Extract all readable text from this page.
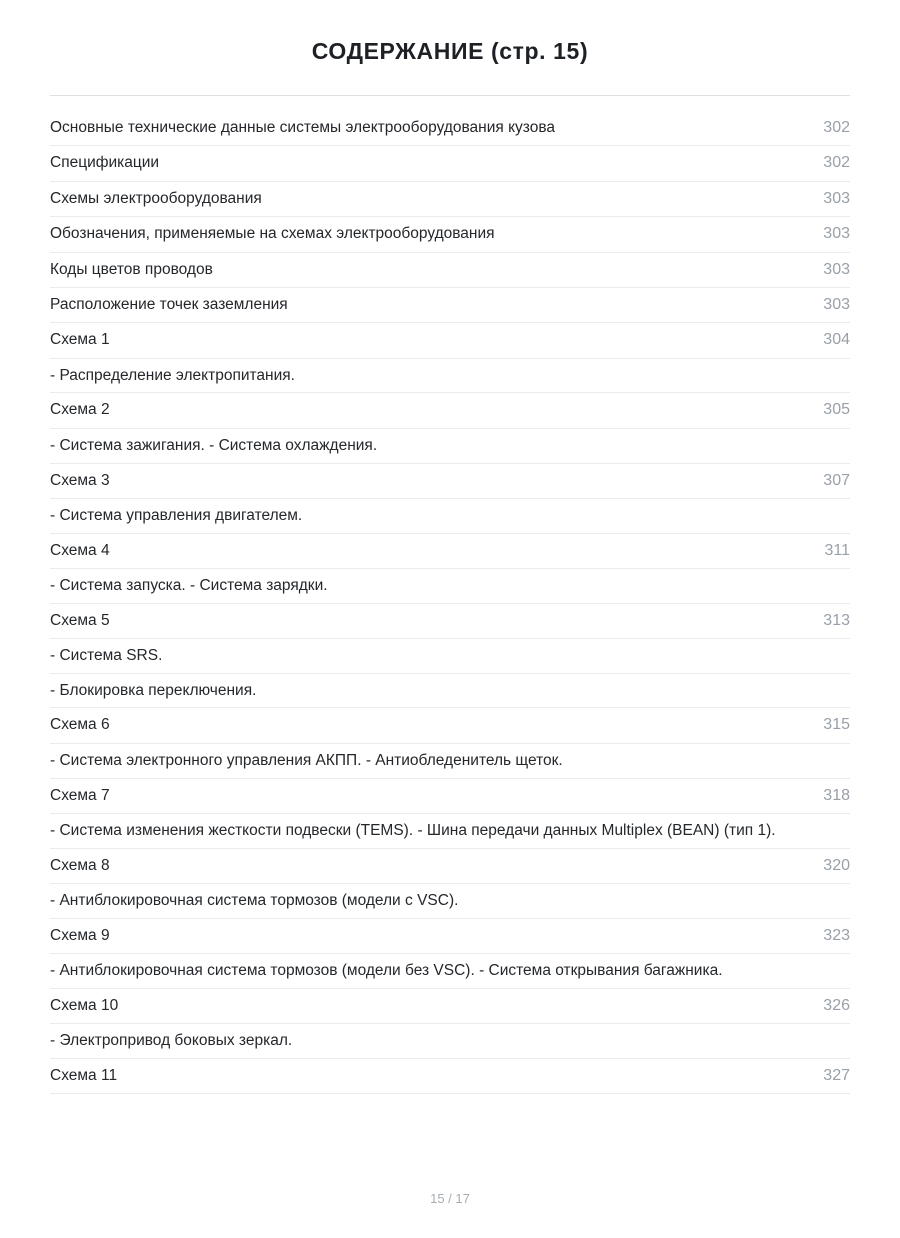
СОДЕРЖАНИЕ (стр. 15)
Основные технические данные системы электрооборудования кузова	302
Спецификации	302
Схемы электрооборудования	303
Обозначения, применяемые на схемах электрооборудования	303
Коды цветов проводов	303
Расположение точек заземления	303
Схема 1	304
- Распределение электропитания.
Схема 2	305
- Система зажигания. - Система охлаждения.
Схема 3	307
- Система управления двигателем.
Схема 4	311
- Система запуска. - Система зарядки.
Схема 5	313
- Система SRS.
- Блокировка переключения.
Схема 6	315
- Система электронного управления АКПП. - Антиобледенитель щеток.
Схема 7	318
- Система изменения жесткости подвески (TEMS). - Шина передачи данных Multiplex (BEAN) (тип 1).
Схема 8	320
- Антиблокировочная система тормозов (модели с VSC).
Схема 9	323
- Антиблокировочная система тормозов (модели без VSC). - Система открывания багажника.
Схема 10	326
- Электропривод боковых зеркал.
Схема 11	327
15 / 17
